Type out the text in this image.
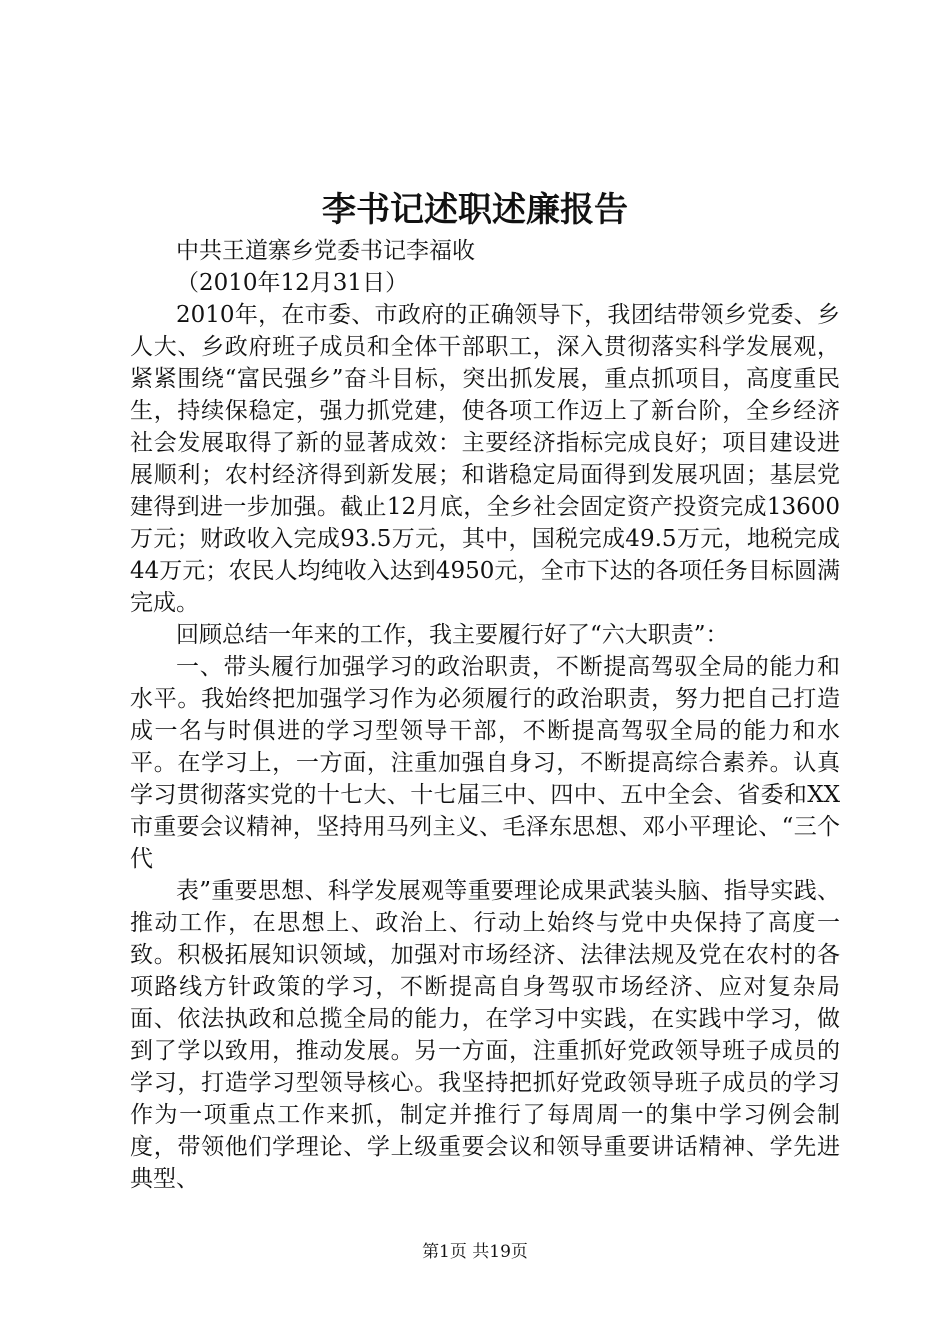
李书记述职述廉报告

中共王道寨乡党委书记李福收

（2010年12月31日）

2010年，在市委、市政府的正确领导下，我团结带领乡党委、乡人大、乡政府班子成员和全体干部职工，深入贯彻落实科学发展观，紧紧围绕“富民强乡”奋斗目标，突出抓发展，重点抓项目，高度重民生，持续保稳定，强力抓党建，使各项工作迈上了新台阶，全乡经济社会发展取得了新的显著成效：主要经济指标完成良好；项目建设进展顺利；农村经济得到新发展；和谐稳定局面得到发展巩固；基层党建得到进一步加强。截止12月底，全乡社会固定资产投资完成13600万元；财政收入完成93.5万元，其中，国税完成49.5万元，地税完成44万元；农民人均纯收入达到4950元，全市下达的各项任务目标圆满完成。

回顾总结一年来的工作，我主要履行好了“六大职责”：

一、带头履行加强学习的政治职责，不断提高驾驭全局的能力和水平。我始终把加强学习作为必须履行的政治职责，努力把自己打造成一名与时俱进的学习型领导干部，不断提高驾驭全局的能力和水平。在学习上，一方面，注重加强自身习，不断提高综合素养。认真学习贯彻落实党的十七大、十七届三中、四中、五中全会、省委和XX市重要会议精神，坚持用马列主义、毛泽东思想、邓小平理论、“三个代

表”重要思想、科学发展观等重要理论成果武装头脑、指导实践、推动工作，在思想上、政治上、行动上始终与党中央保持了高度一致。积极拓展知识领域，加强对市场经济、法律法规及党在农村的各项路线方针政策的学习，不断提高自身驾驭市场经济、应对复杂局面、依法执政和总揽全局的能力，在学习中实践，在实践中学习，做到了学以致用，推动发展。另一方面，注重抓好党政领导班子成员的学习，打造学习型领导核心。我坚持把抓好党政领导班子成员的学习作为一项重点工作来抓，制定并推行了每周周一的集中学习例会制度，带领他们学理论、学上级重要会议和领导重要讲话精神、学先进典型、

第1页 共19页
